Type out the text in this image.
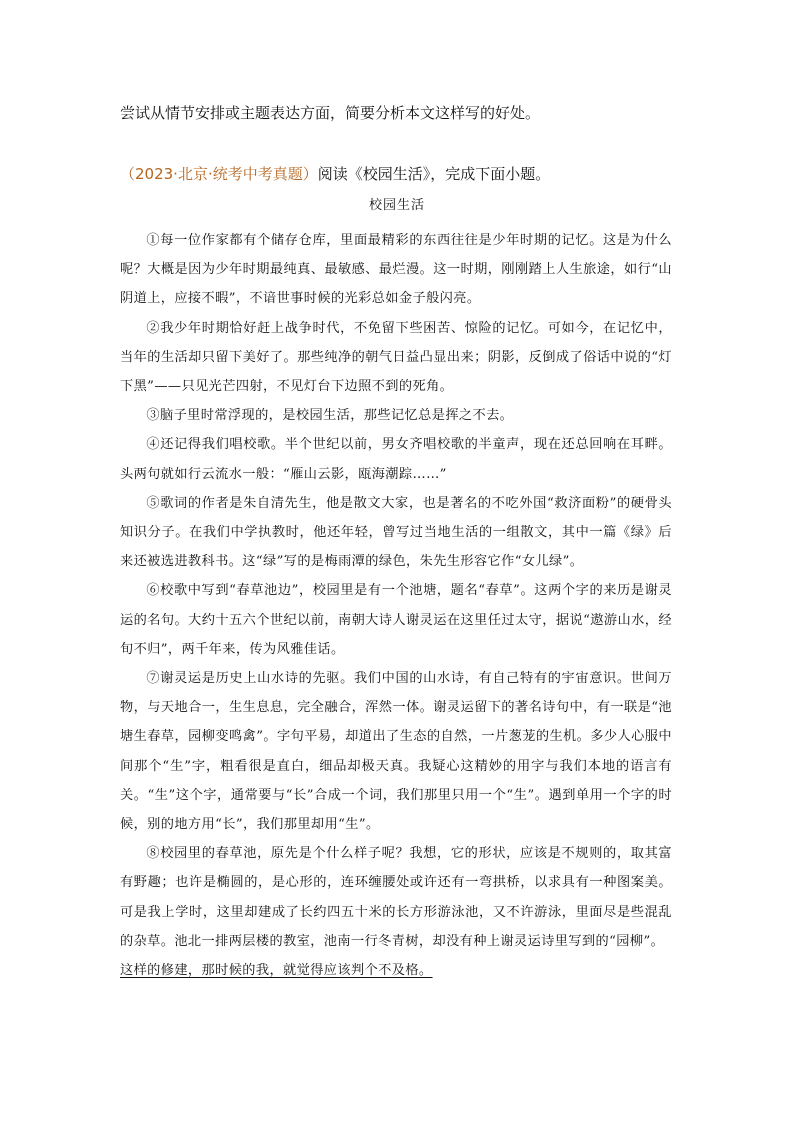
尝试从情节安排或主题表达方面，简要分析本文这样写的好处。
（2023·北京·统考中考真题）阅读《校园生活》，完成下面小题。
校园生活

①每一位作家都有个储存仓库，里面最精彩的东西往往是少年时期的记忆。这是为什么呢？大概是因为少年时期最纯真、最敏感、最烂漫。这一时期，刚刚踏上人生旅途，如行“山阴道上，应接不暇”，不谙世事时候的光彩总如金子般闪亮。

②我少年时期恰好赶上战争时代，不免留下些困苦、惊险的记忆。可如今，在记忆中，当年的生活却只留下美好了。那些纯净的朝气日益凸显出来；阴影，反倒成了俗话中说的“灯下黑”——只见光芒四射，不见灯台下边照不到的死角。

③脑子里时常浮现的，是校园生活，那些记忆总是挥之不去。

④还记得我们唱校歌。半个世纪以前，男女齐唱校歌的半童声，现在还总回响在耳畔。头两句就如行云流水一般：“雁山云影，瓯海潮踪……”

⑤歌词的作者是朱自清先生，他是散文大家，也是著名的不吃外国“救济面粉”的硬骨头知识分子。在我们中学执教时，他还年轻，曾写过当地生活的一组散文，其中一篇《绿》后来还被选进教科书。这“绿”写的是梅雨潭的绿色，朱先生形容它作“女儿绿”。

⑥校歌中写到“春草池边”，校园里是有一个池塘，题名“春草”。这两个字的来历是谢灵运的名句。大约十五六个世纪以前，南朝大诗人谢灵运在这里任过太守，据说“遨游山水，经旬不归”，两千年来，传为风雅佳话。

⑦谢灵运是历史上山水诗的先驱。我们中国的山水诗，有自己特有的宇宙意识。世间万物，与天地合一，生生息息，完全融合，浑然一体。谢灵运留下的著名诗句中，有一联是“池塘生春草，园柳变鸣禽”。字句平易，却道出了生态的自然，一片葱茏的生机。多少人心服中间那个“生”字，粗看很是直白，细品却极天真。我疑心这精妙的用字与我们本地的语言有关。“生”这个字，通常要与“长”合成一个词，我们那里只用一个“生”。遇到单用一个字的时候，别的地方用“长”，我们那里却用“生”。

⑧校园里的春草池，原先是个什么样子呢？我想，它的形状，应该是不规则的，取其富有野趣；也许是椭圆的，是心形的，连环缠腰处或许还有一弯拱桥，以求具有一种图案美。可是我上学时，这里却建成了长约四五十米的长方形游泳池，又不许游泳，里面尽是些混乱的杂草。池北一排两层楼的教室，池南一行冬青树，却没有种上谢灵运诗里写到的“园柳”。

这样的修建，那时候的我，就觉得应该判个不及格。
